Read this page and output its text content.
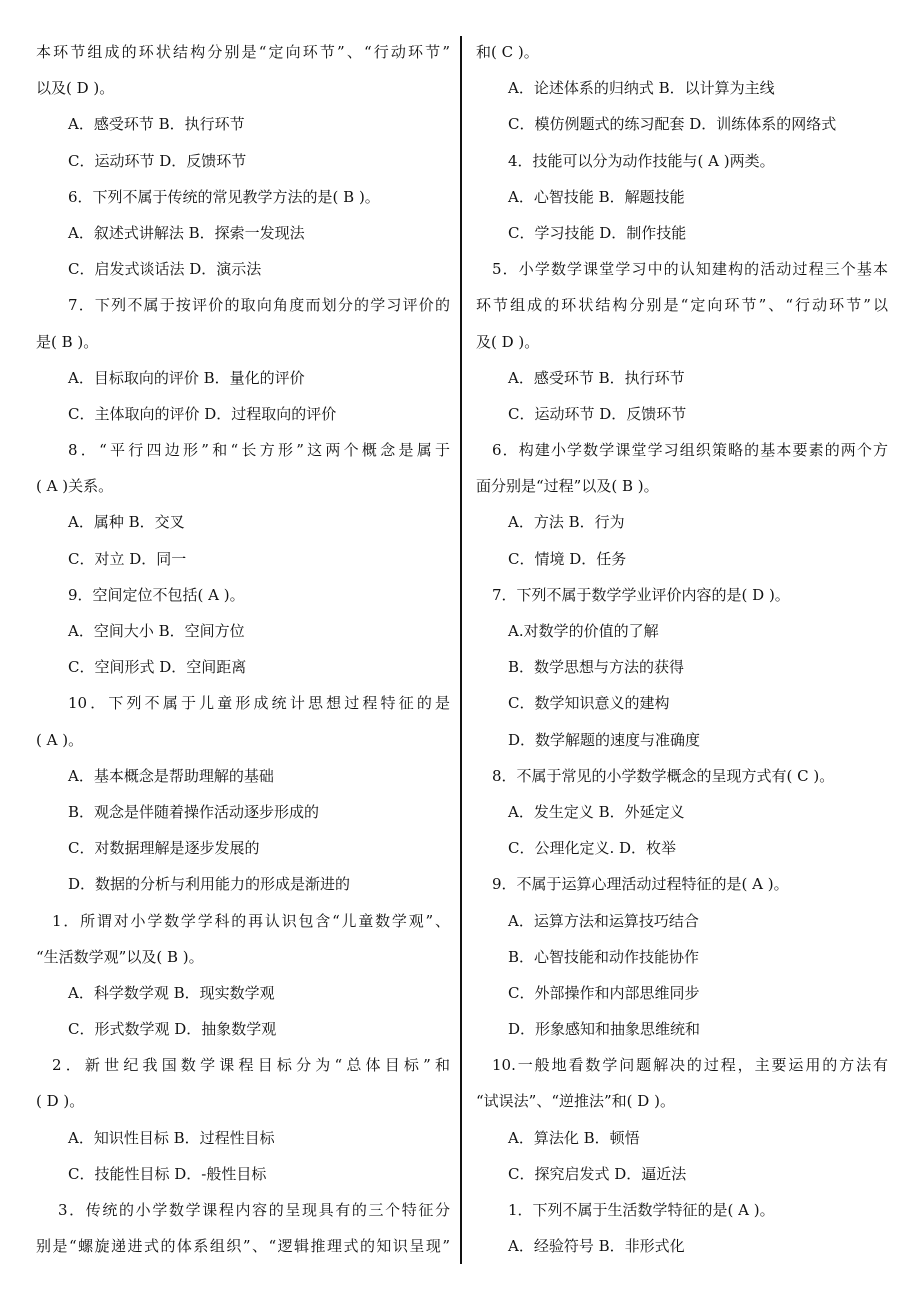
本环节组成的环状结构分别是“定向环节”、“行动环节”
以及( D )。
A．感受环节 B．执行环节
C．运动环节 D．反馈环节
6．下列不属于传统的常见教学方法的是( B )。
A．叙述式讲解法 B．探索一发现法
C．启发式谈话法 D．演示法
7．下列不属于按评价的取向角度而划分的学习评价的
是( B )。
A．目标取向的评价 B．量化的评价
C．主体取向的评价 D．过程取向的评价
8．“平行四边形”和“长方形”这两个概念是属于
( A )关系。
A．属种 B．交叉
C．对立 D．同一
9．空间定位不包括( A )。
A．空间大小 B．空间方位
C．空间形式 D．空间距离
10．下列不属于儿童形成统计思想过程特征的是
( A )。
A．基本概念是帮助理解的基础
B．观念是伴随着操作活动逐步形成的
C．对数据理解是逐步发展的
D．数据的分析与利用能力的形成是渐进的
1．所谓对小学数学学科的再认识包含“儿童数学观”、
“生活数学观”以及( B )。
A．科学数学观 B．现实数学观
C．形式数学观 D．抽象数学观
2．新世纪我国数学课程目标分为“总体目标”和
( D )。
A．知识性目标 B．过程性目标
C．技能性目标 D．-般性目标
3．传统的小学数学课程内容的呈现具有的三个特征分
别是“螺旋递进式的体系组织”、“逻辑推理式的知识呈现”
和( C )。
A．论述体系的归纳式 B．以计算为主线
C．模仿例题式的练习配套 D．训练体系的网络式
4．技能可以分为动作技能与( A )两类。
A．心智技能 B．解题技能
C．学习技能 D．制作技能
5．小学数学课堂学习中的认知建构的活动过程三个基本
环节组成的环状结构分别是“定向环节”、“行动环节”以
及( D )。
A．感受环节 B．执行环节
C．运动环节 D．反馈环节
6．构建小学数学课堂学习组织策略的基本要素的两个方
面分别是“过程”以及( B )。
A．方法 B．行为
C．情境 D．任务
7．下列不属于数学学业评价内容的是( D )。
A.对数学的价值的了解
B．数学思想与方法的获得
C．数学知识意义的建构
D．数学解题的速度与准确度
8．不属于常见的小学数学概念的呈现方式有( C )。
A．发生定义 B．外延定义
C．公理化定义. D．枚举
9．不属于运算心理活动过程特征的是( A )。
A．运算方法和运算技巧结合
B．心智技能和动作技能协作
C．外部操作和内部思维同步
D．形象感知和抽象思维统和
10.一般地看数学问题解决的过程，主要运用的方法有
“试误法”、“逆推法”和( D )。
A．算法化 B．顿悟
C．探究启发式 D．逼近法
1．下列不属于生活数学特征的是( A )。
A．经验符号 B．非形式化
